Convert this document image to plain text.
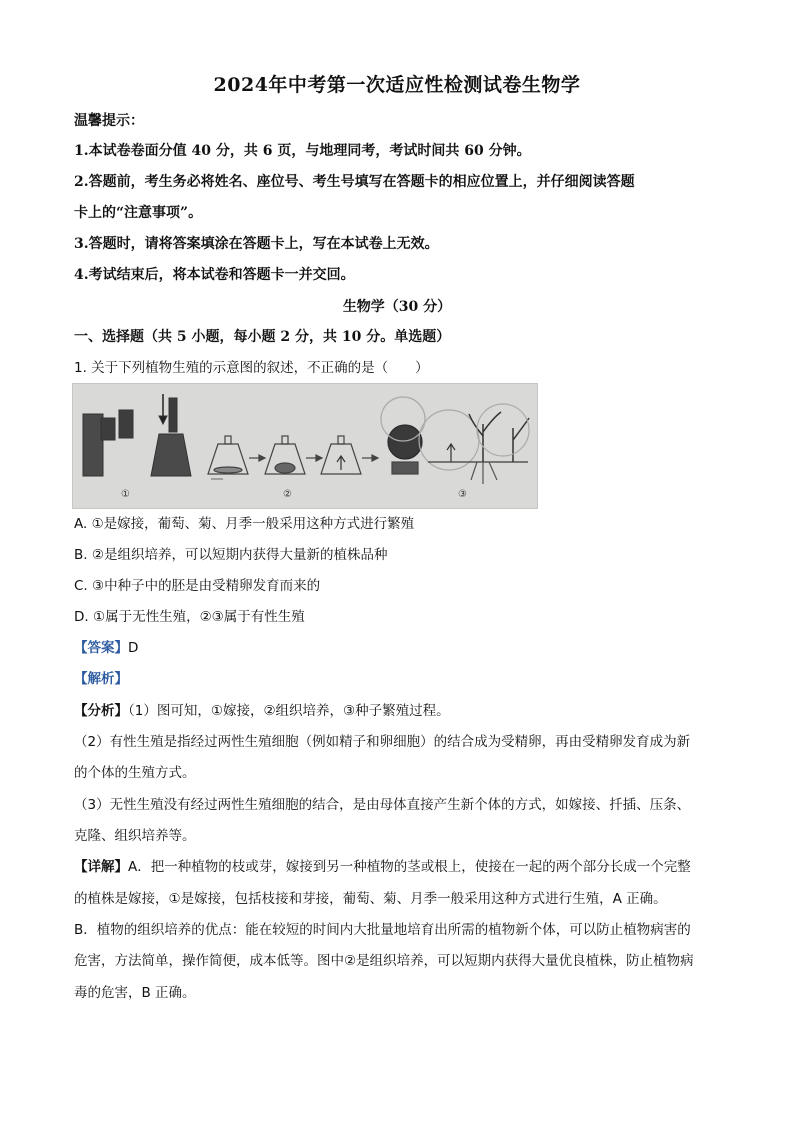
2024年中考第一次适应性检测试卷生物学
温馨提示：
1.本试卷卷面分值 40 分，共 6 页，与地理同考，考试时间共 60 分钟。
2.答题前，考生务必将姓名、座位号、考生号填写在答题卡的相应位置上，并仔细阅读答题
卡上的“注意事项”。
3.答题时，请将答案填涂在答题卡上，写在本试卷上无效。
4.考试结束后，将本试卷和答题卡一并交回。
生物学（30 分）
一、选择题（共 5 小题，每小题 2 分，共 10 分。单选题）
1. 关于下列植物生殖的示意图的叙述，不正确的是（　　）
①	②	③
A. ①是嫁接，葡萄、菊、月季一般采用这种方式进行繁殖
B. ②是组织培养，可以短期内获得大量新的植株品种
C. ③中种子中的胚是由受精卵发育而来的
D. ①属于无性生殖，②③属于有性生殖
【答案】D
【解析】
【分析】（1）图可知，①嫁接，②组织培养，③种子繁殖过程。
（2）有性生殖是指经过两性生殖细胞（例如精子和卵细胞）的结合成为受精卵，再由受精卵发育成为新
的个体的生殖方式。
（3）无性生殖没有经过两性生殖细胞的结合，是由母体直接产生新个体的方式，如嫁接、扦插、压条、
克隆、组织培养等。
【详解】A．把一种植物的枝或芽，嫁接到另一种植物的茎或根上，使接在一起的两个部分长成一个完整
的植株是嫁接，①是嫁接，包括枝接和芽接，葡萄、菊、月季一般采用这种方式进行生殖，A 正确。
B．植物的组织培养的优点：能在较短的时间内大批量地培育出所需的植物新个体，可以防止植物病害的
危害，方法简单，操作简便，成本低等。图中②是组织培养，可以短期内获得大量优良植株，防止植物病
毒的危害，B 正确。
